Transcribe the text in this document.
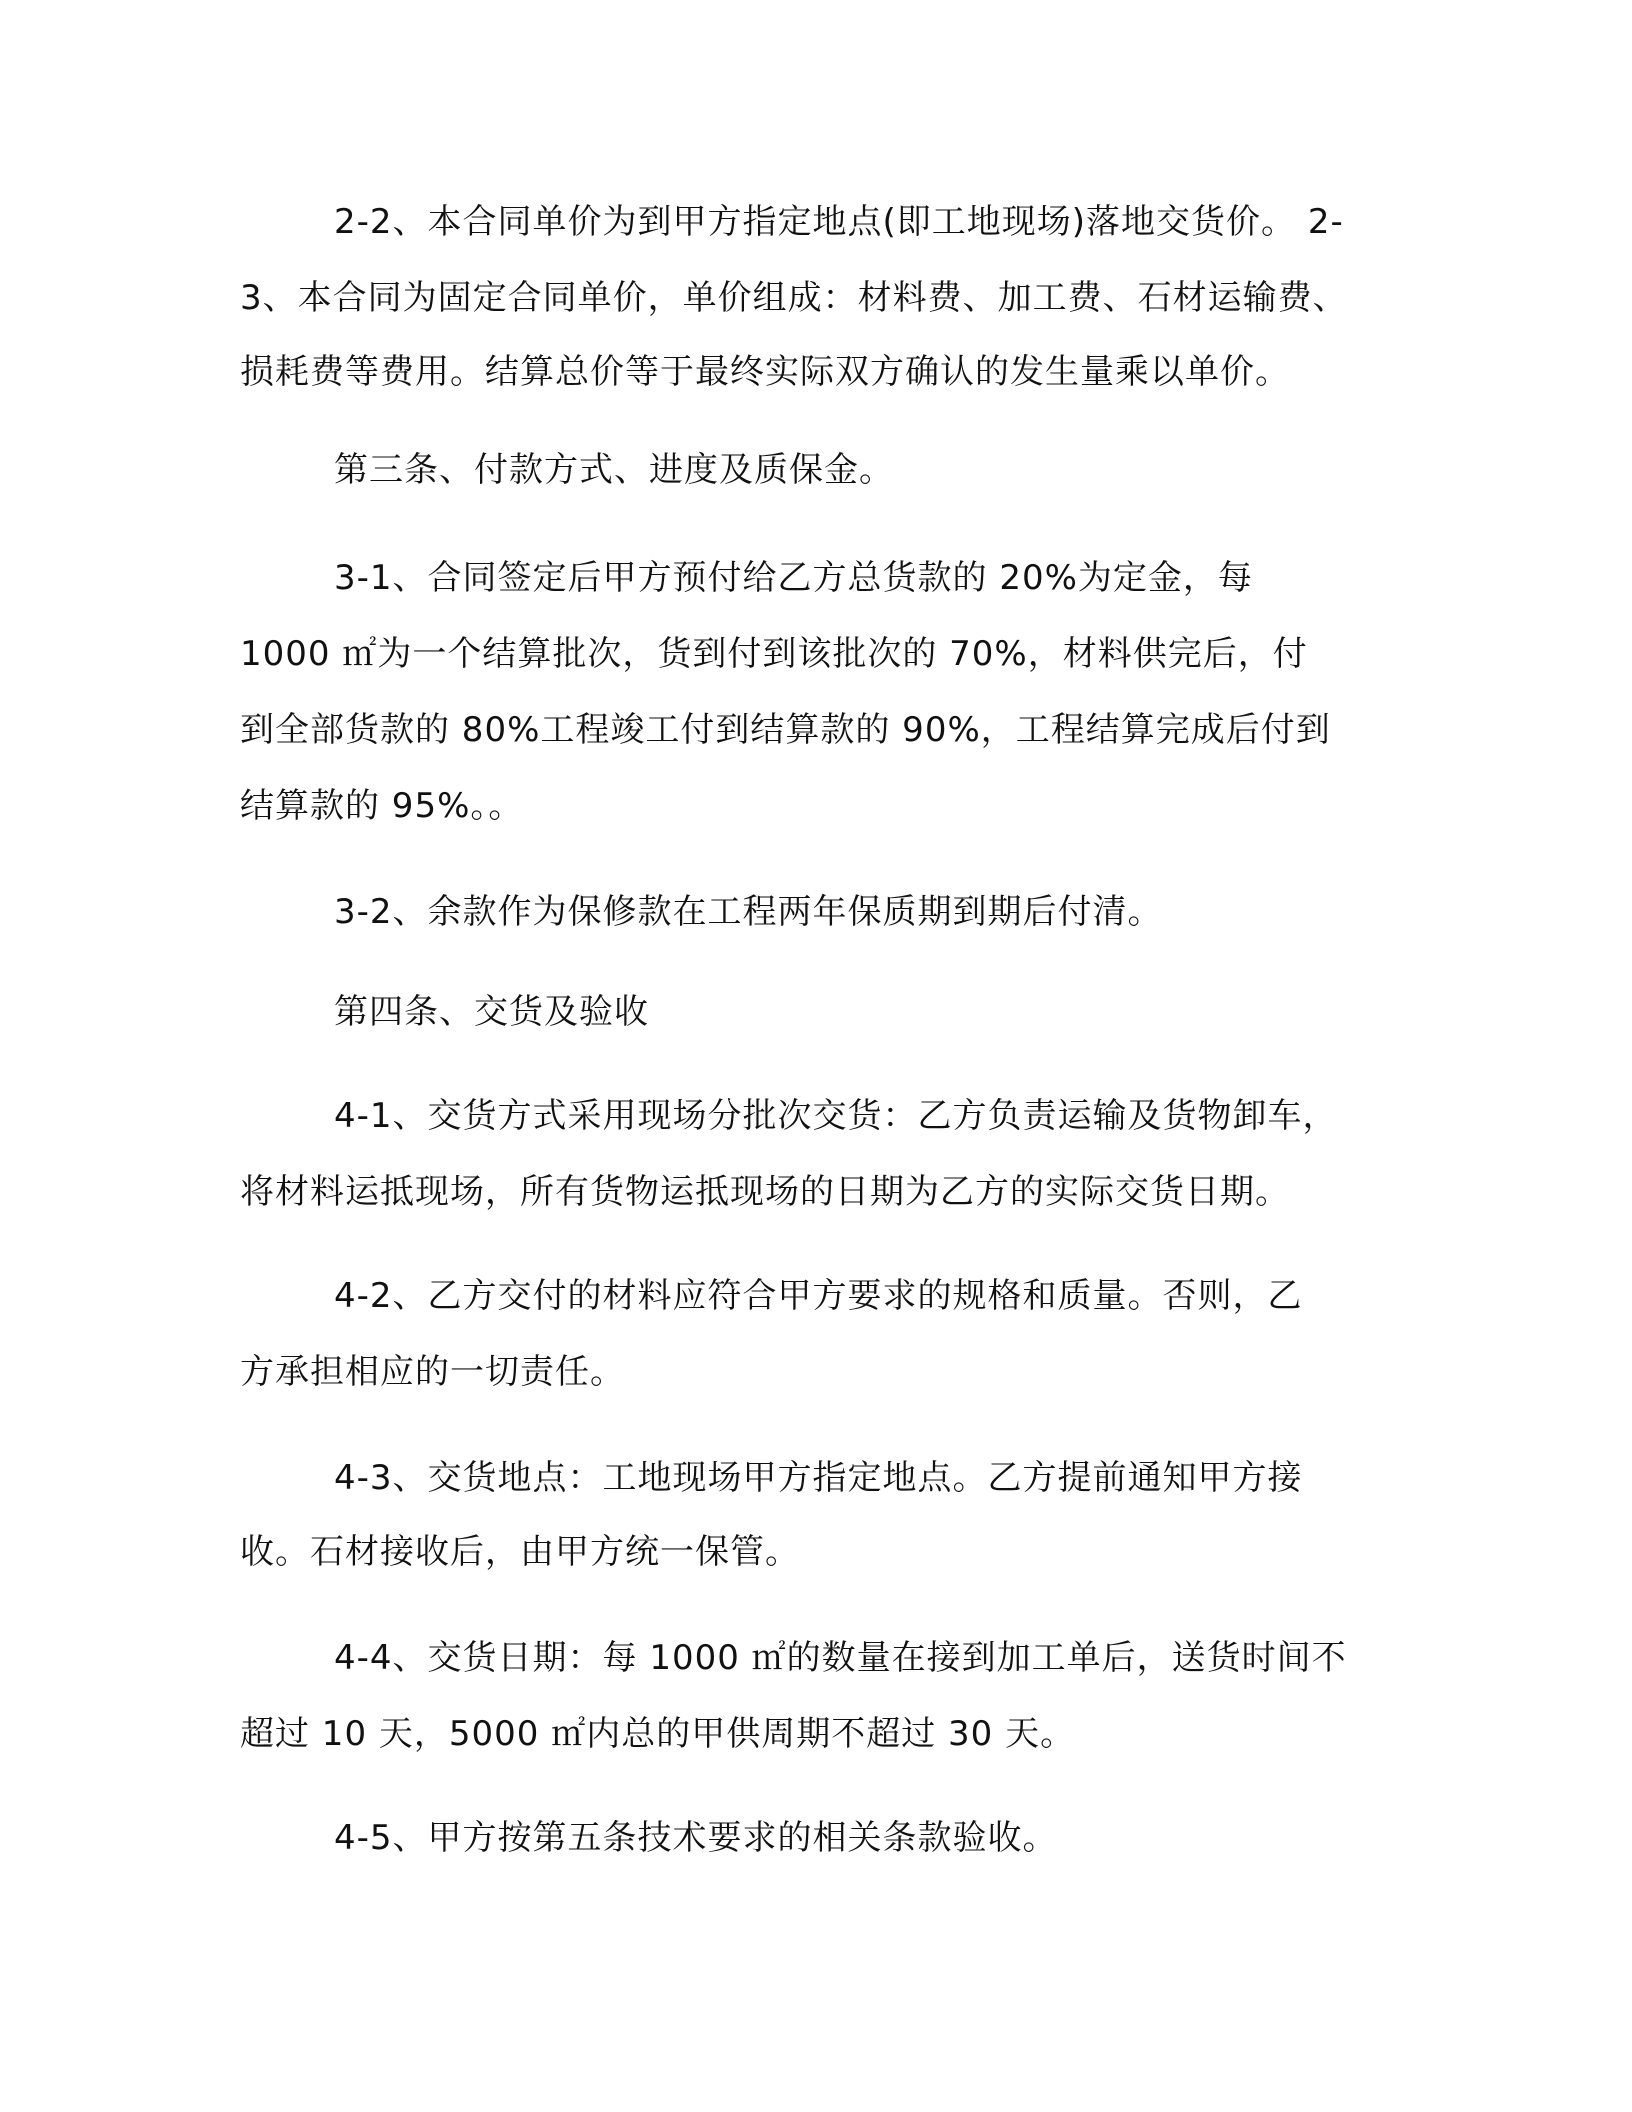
2-2、本合同单价为到甲方指定地点(即工地现场)落地交货价。 2-
3、本合同为固定合同单价，单价组成：材料费、加工费、石材运输费、
损耗费等费用。结算总价等于最终实际双方确认的发生量乘以单价。
第三条、付款方式、进度及质保金。
3-1、合同签定后甲方预付给乙方总货款的 20%为定金，每
1000 ㎡为一个结算批次，货到付到该批次的 70%，材料供完后，付
到全部货款的 80%工程竣工付到结算款的 90%，工程结算完成后付到
结算款的 95%。。
3-2、余款作为保修款在工程两年保质期到期后付清。
第四条、交货及验收
4-1、交货方式采用现场分批次交货：乙方负责运输及货物卸车，
将材料运抵现场，所有货物运抵现场的日期为乙方的实际交货日期。
4-2、乙方交付的材料应符合甲方要求的规格和质量。否则，乙
方承担相应的一切责任。
4-3、交货地点：工地现场甲方指定地点。乙方提前通知甲方接
收。石材接收后，由甲方统一保管。
4-4、交货日期：每 1000 ㎡的数量在接到加工单后，送货时间不
超过 10 天，5000 ㎡内总的甲供周期不超过 30 天。
4-5、甲方按第五条技术要求的相关条款验收。
